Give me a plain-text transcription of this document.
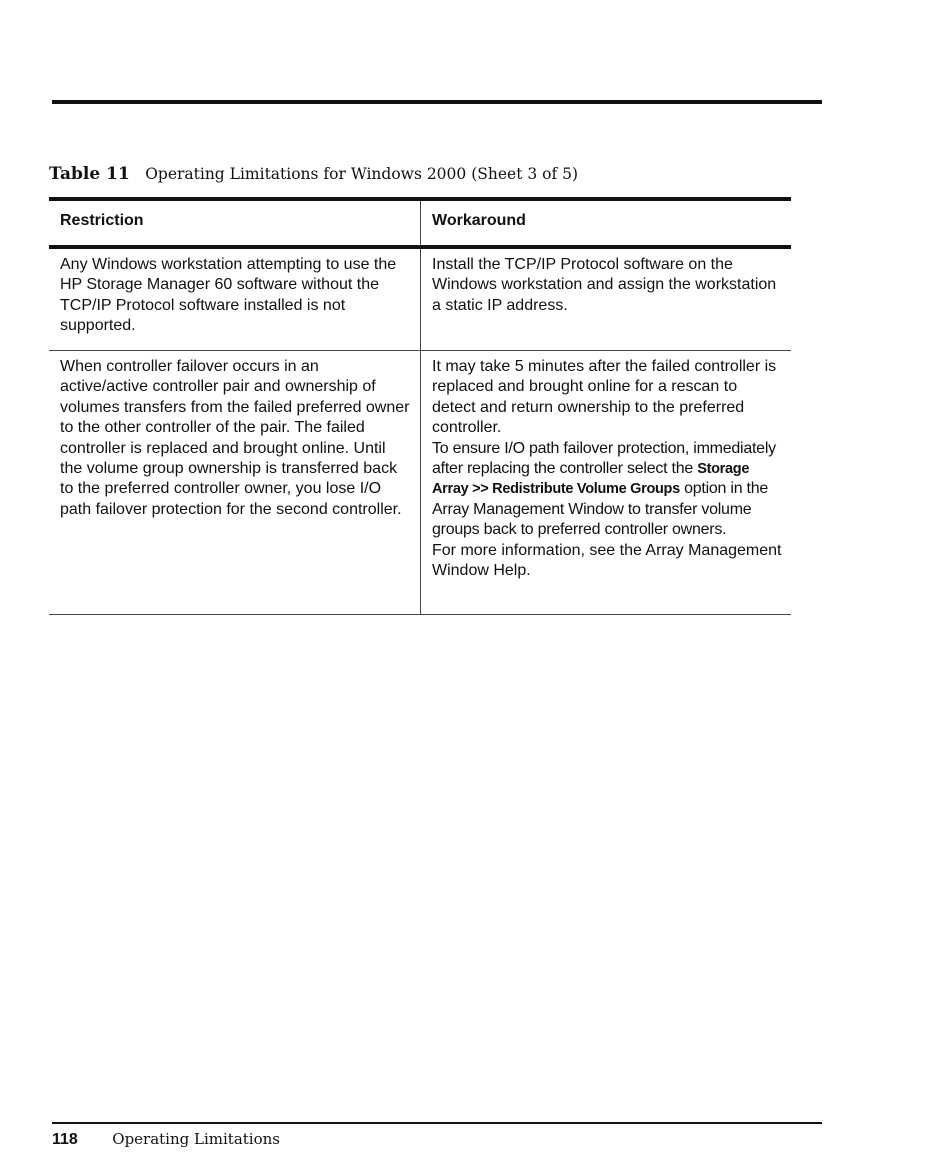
Table 11 Operating Limitations for Windows 2000 (Sheet 3 of 5)
Restriction	Workaround
Any Windows workstation attempting to use the HP Storage Manager 60 software without the TCP/IP Protocol software installed is not supported.
Install the TCP/IP Protocol software on the Windows workstation and assign the workstation a static IP address.
When controller failover occurs in an active/active controller pair and ownership of volumes transfers from the failed preferred owner to the other controller of the pair. The failed controller is replaced and brought online. Until the volume group ownership is transferred back to the preferred controller owner, you lose I/O path failover protection for the second controller.
It may take 5 minutes after the failed controller is replaced and brought online for a rescan to detect and return ownership to the preferred controller.
To ensure I/O path failover protection, immediately after replacing the controller select the Storage Array >> Redistribute Volume Groups option in the Array Management Window to transfer volume groups back to preferred controller owners.
For more information, see the Array Management Window Help.
118 Operating Limitations
